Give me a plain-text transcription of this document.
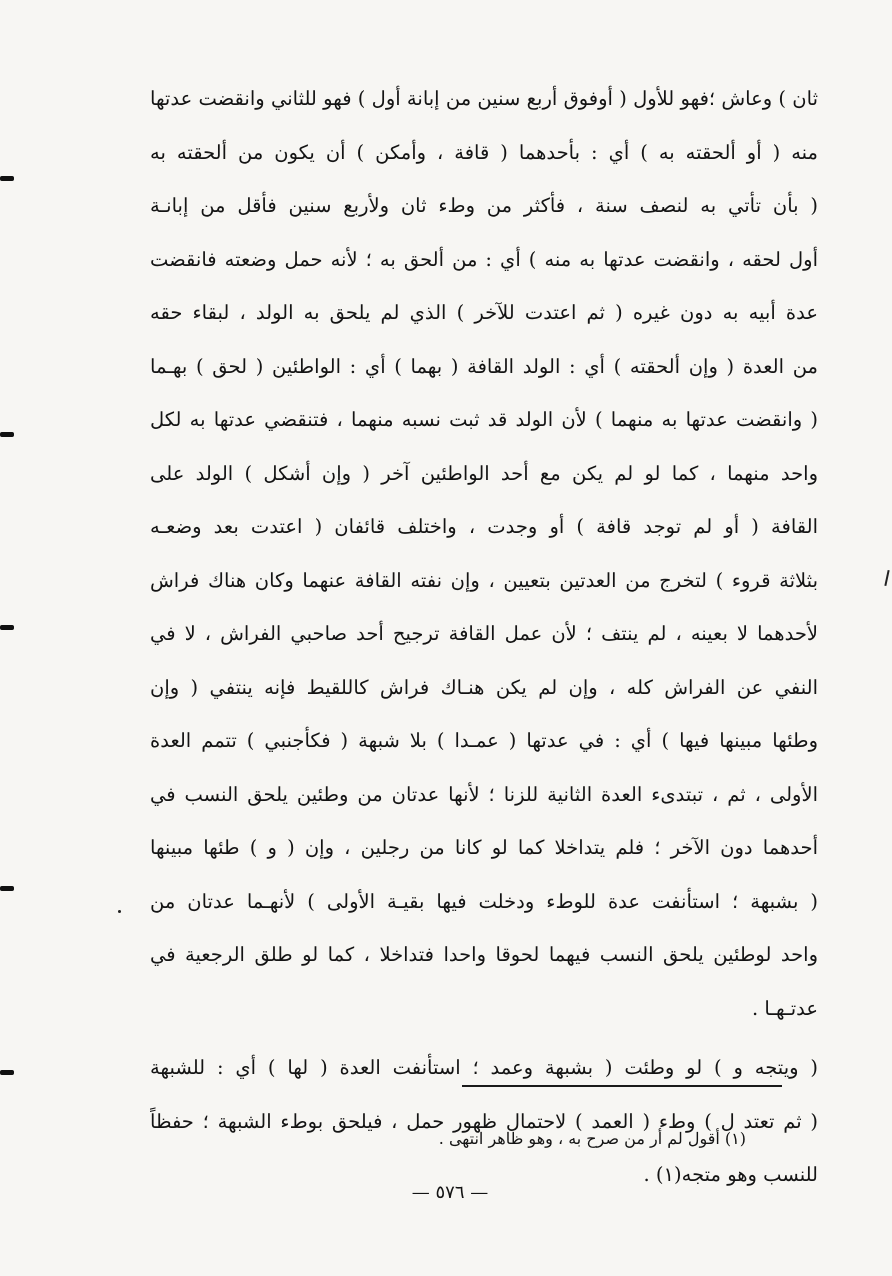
ثان ) وعاش ؛فهو للأول ( أوفوق أربع سنين من إبانة أول ) فهو للثاني وانقضت عدتها
منه ( أو ألحقته به ) أي : بأحدهما ( قافة ، وأمكن ) أن يكون من ألحقته به
( بأن تأتي به لنصف سنة ، فأكثر من وطء ثان ولأربع سنين فأقل من إبانـة
أول لحقه ، وانقضت عدتها به منه ) أي : من ألحق به ؛ لأنه حمل وضعته فانقضت
عدة أبيه به دون غيره ( ثم اعتدت للآخر ) الذي لم يلحق به الولد ، لبقاء حقه
من العدة ( وإن ألحقته ) أي : الولد القافة ( بهما ) أي : الواطئين ( لحق ) بهـما
( وانقضت عدتها به منهما ) لأن الولد قد ثبت نسبه منهما ، فتنقضي عدتها به لكل
واحد منهما ، كما لو لم يكن مع أحد الواطئين آخر ( وإن أشكل ) الولد على
القافة ( أو لم توجد قافة ) أو وجدت ، واختلف قائفان ( اعتدت بعد وضعـه
بثلاثة قروء ) لتخرج من العدتين بتعيين ، وإن نفته القافة عنهما وكان هناك فراش
لأحدهما لا بعينه ، لم ينتف ؛ لأن عمل القافة ترجيح أحد صاحبي الفراش ، لا في
النفي عن الفراش كله ، وإن لم يكن هنـاك فراش كاللقيط فإنه ينتفي ( وإن
وطئها مبينها فيها ) أي : في عدتها ( عمـدا ) بلا شبهة ( فكأجنبي ) تتمم العدة
الأولى ، ثم ، تبتدىء العدة الثانية للزنا ؛ لأنها عدتان من وطئين يلحق النسب في
أحدهما دون الآخر ؛ فلم يتداخلا كما لو كانا من رجلين ، وإن ( و ) طئها مبينها
( بشبهة ؛ استأنفت عدة للوطء ودخلت فيها بقيـة الأولى ) لأنهـما عدتان من
واحد لوطئين يلحق النسب فيهما لحوقا واحدا فتداخلا ، كما لو طلق الرجعية في
عدتـهـا .
( ويتجه و ) لو وطئت ( بشبهة وعمد ؛ استأنفت العدة ( لها ) أي : للشبهة
( ثم تعتد ل ) وطء ( العمد ) لاحتمال ظهور حمل ، فيلحق بوطء الشبهة ؛ حفظاً
للنسب وهو متجه(١) .
(١) أقول لم أر من صرح به ، وهو ظاهر انتهى .
— ٥٧٦ —
